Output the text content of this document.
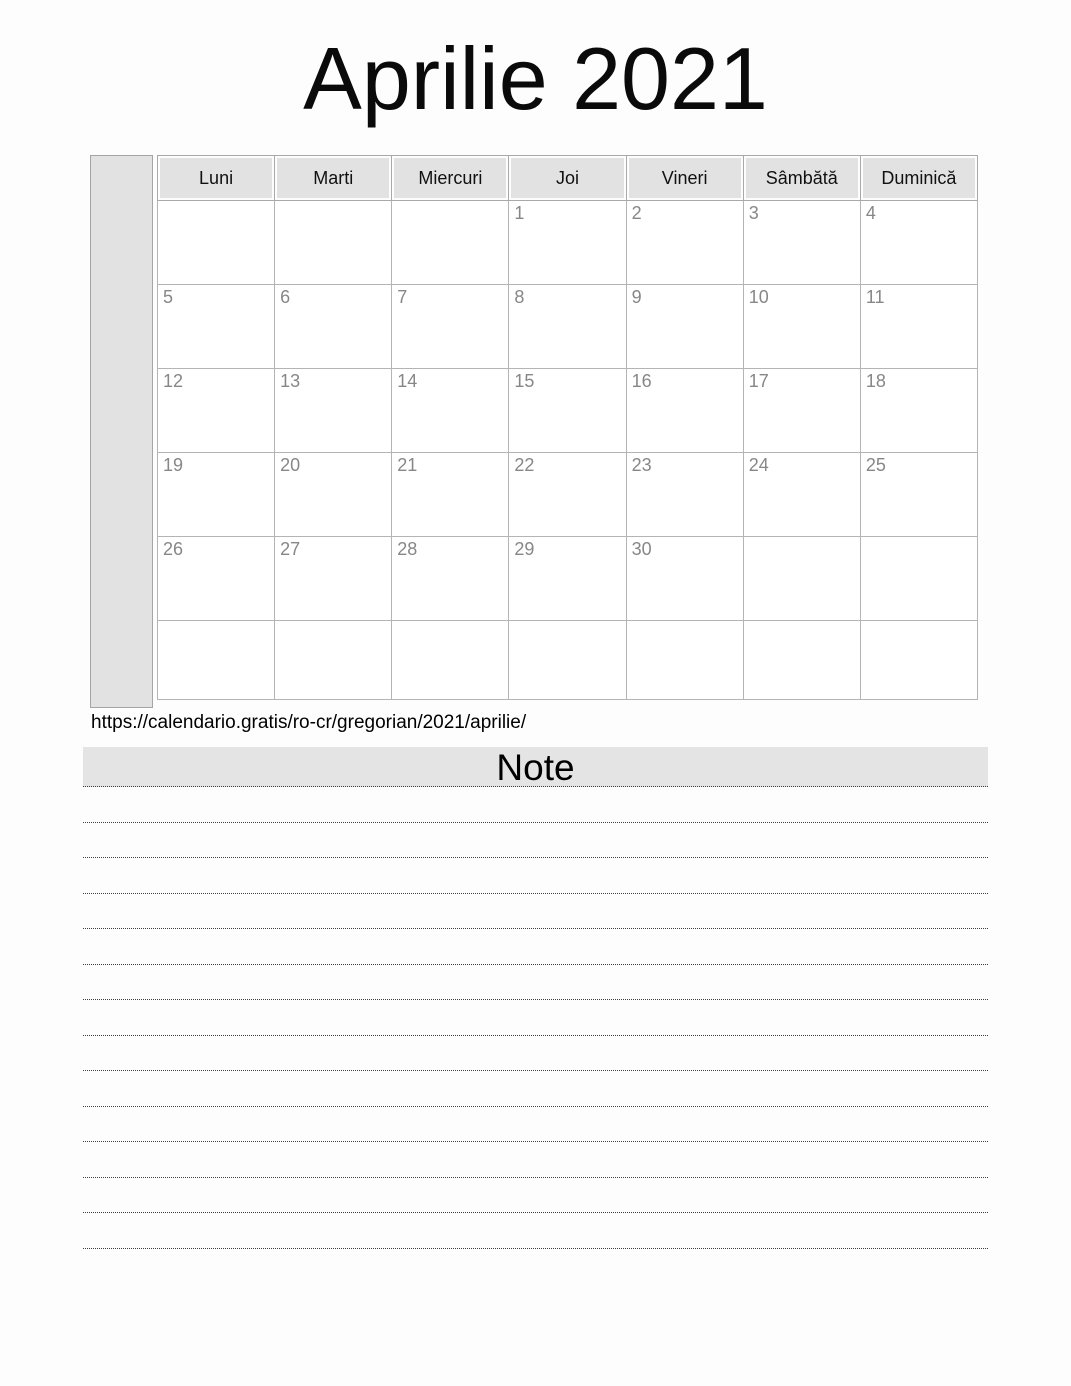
Aprilie 2021
Luni	Marti	Miercuri	Joi	Vineri	Sâmbătă	Duminică
			1	2	3	4
5	6	7	8	9	10	11
12	13	14	15	16	17	18
19	20	21	22	23	24	25
26	27	28	29	30		

https://calendario.gratis/ro-cr/gregorian/2021/aprilie/
Note
